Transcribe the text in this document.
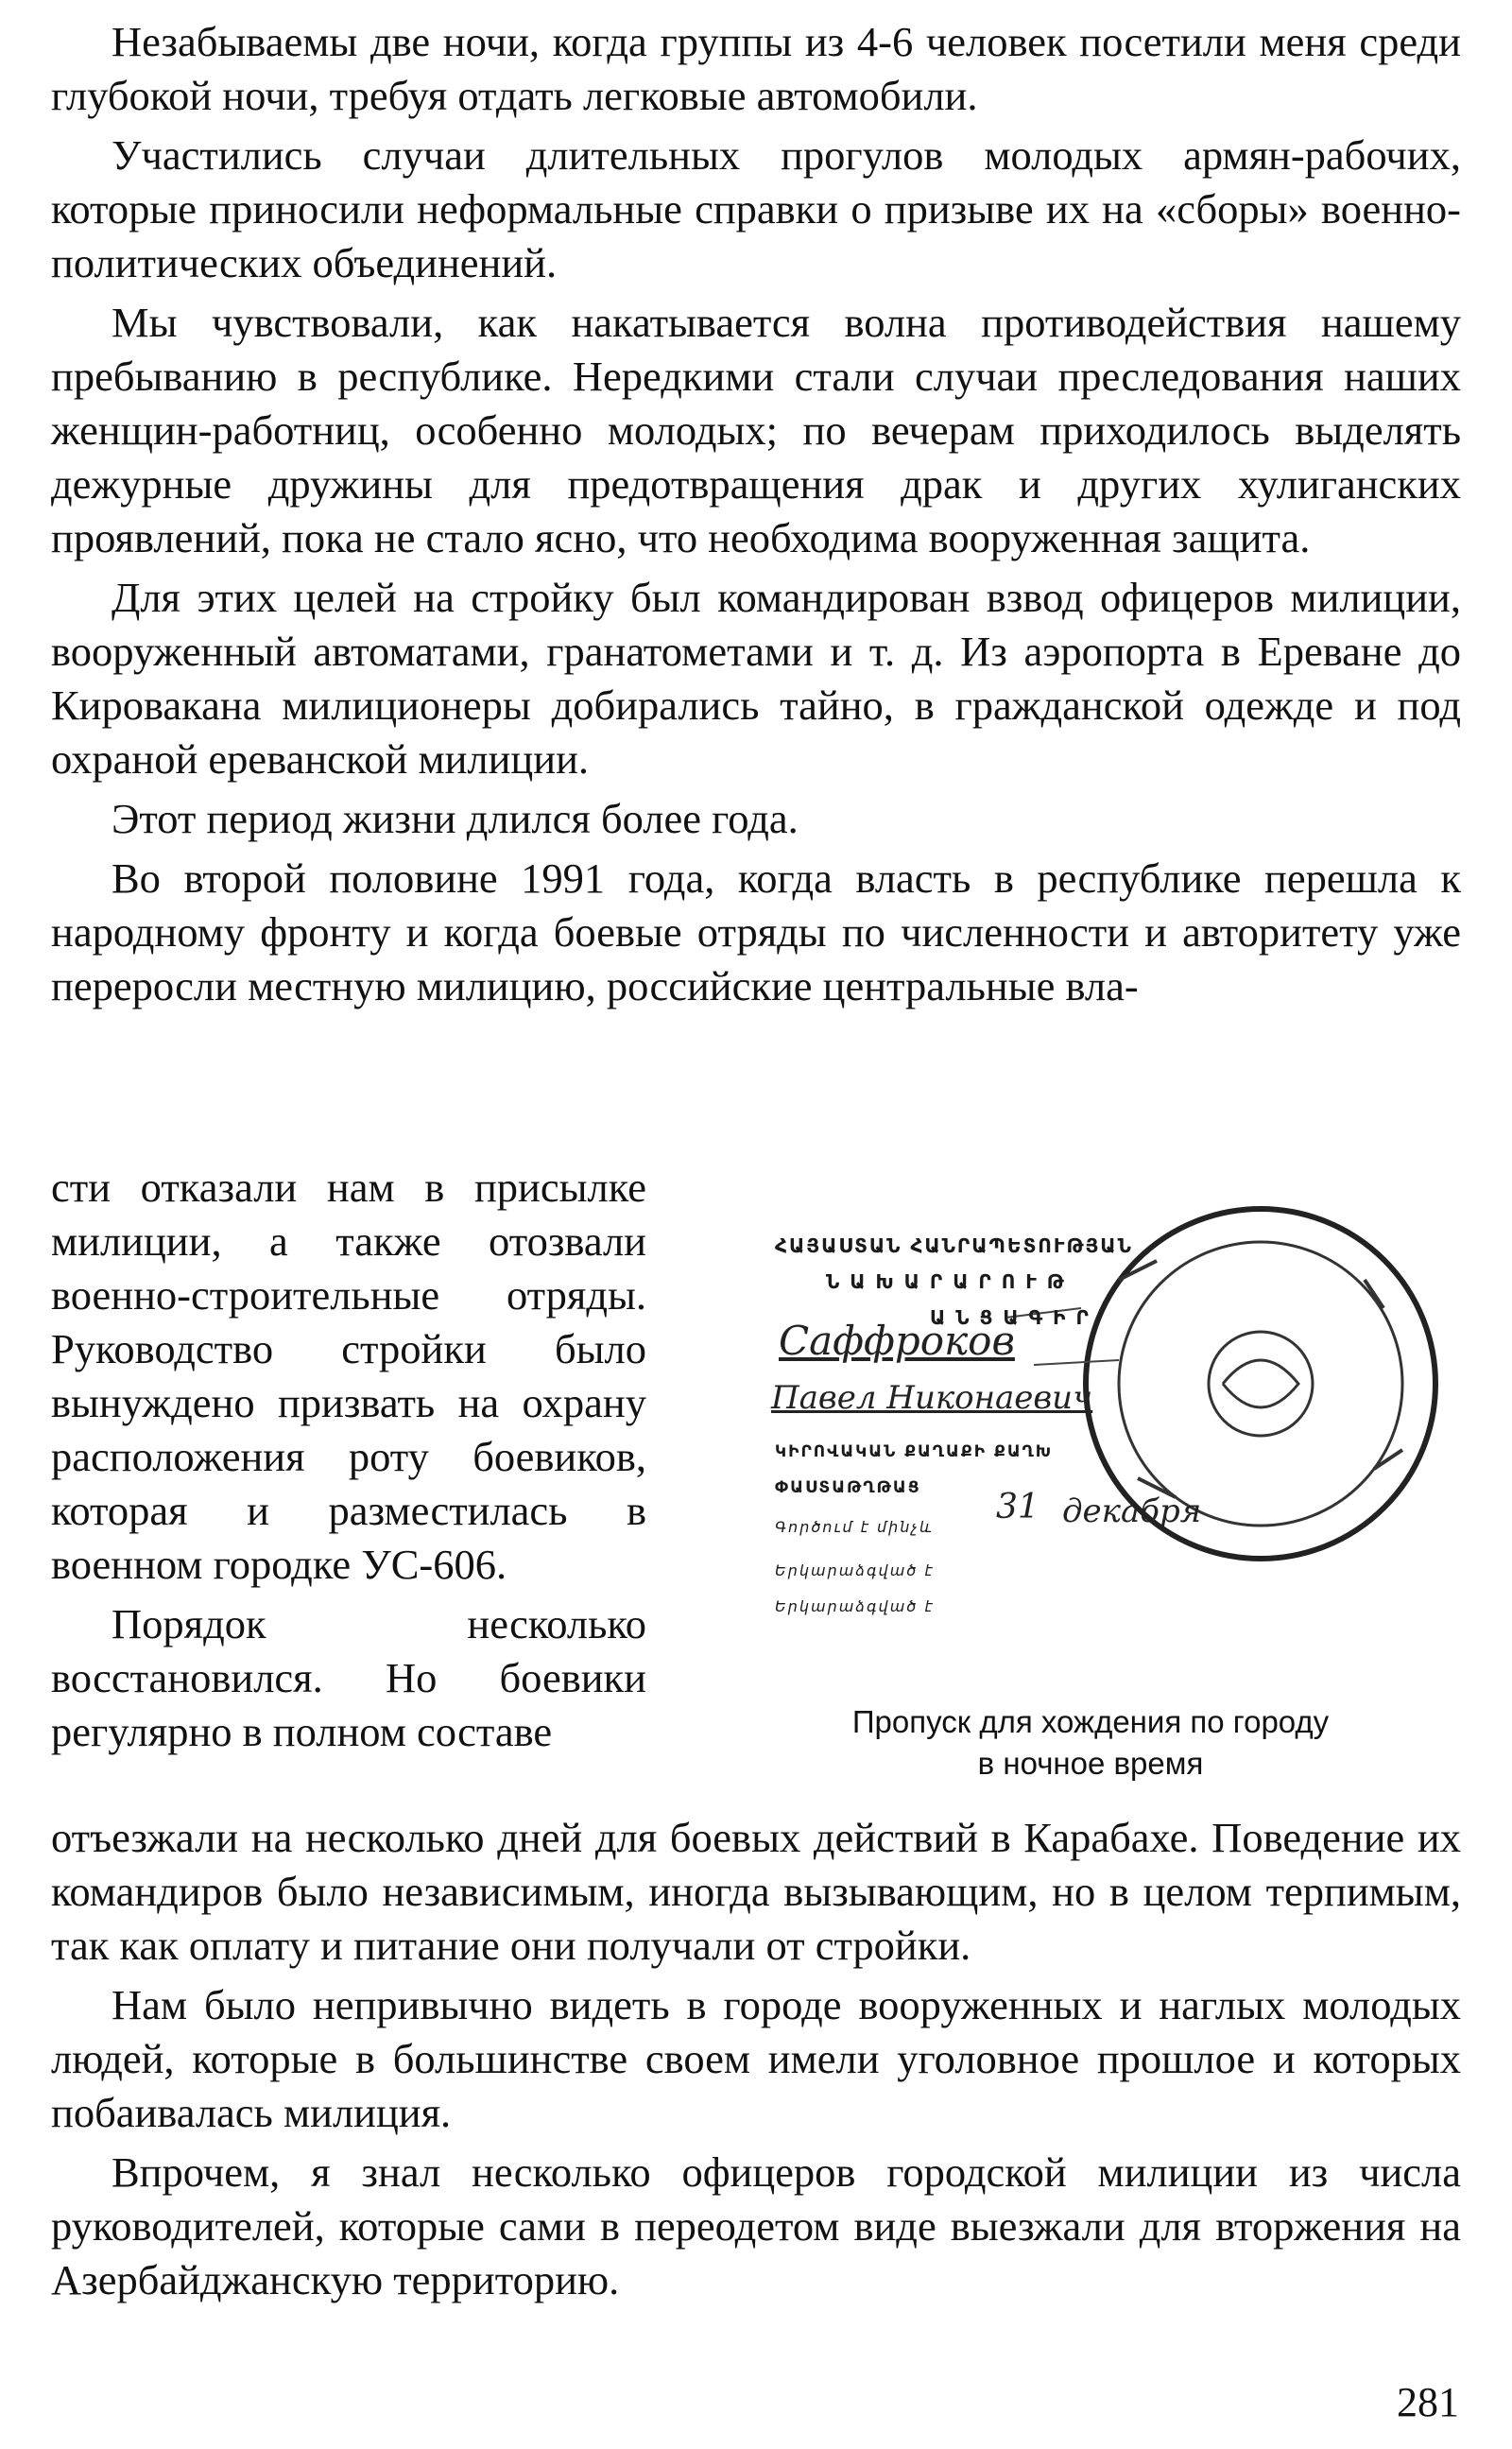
Незабываемы две ночи, когда группы из 4-6 человек посетили меня среди глубокой ночи, требуя отдать легковые автомобили.

Участились случаи длительных прогулов молодых армян-рабочих, которые приносили неформальные справки о призыве их на «сборы» военно-политических объединений.

Мы чувствовали, как накатывается волна противодействия нашему пребыванию в республике. Нередкими стали случаи преследования наших женщин-работниц, особенно молодых; по вечерам приходилось выделять дежурные дружины для предотвращения драк и других хулиганских проявлений, пока не стало ясно, что необходима вооруженная защита.

Для этих целей на стройку был командирован взвод офицеров милиции, вооруженный автоматами, гранатометами и т. д. Из аэропорта в Ереване до Кировакана милиционеры добирались тайно, в гражданской одежде и под охраной ереванской милиции.

Этот период жизни длился более года.

Во второй половине 1991 года, когда власть в республике перешла к народному фронту и когда боевые отряды по численности и авторитету уже переросли местную милицию, российские центральные вла-

сти отказали нам в присылке милиции, а также отозвали военно-строительные отряды. Руководство стройки было вынуждено призвать на охрану расположения роту боевиков, которая и разместилась в военном городке УС-606.

Порядок несколько восстановился. Но боевики регулярно в полном составе

ՀԱՅԱՍՏԱՆ ՀԱՆՐԱՊԵՏՈՒԹՅԱՆ
Ն Ա Խ Ա Ր Ա Ր Ո Ւ Թ
Ա Ն Ց Ա Գ Ի Ր
Саффроков
Павел Никонаевич
ԿԻՐՈՎԱԿԱՆ ՔԱՂԱՔԻ ՔԱՂԽ
ՓԱՍՏԱԹՂԹԱՑ
Գործում է մինչև
31 декабря
Երկարաձգված է
Երկարաձգված է
Пропуск для хождения по городу
в ночное время

отъезжали на несколько дней для боевых действий в Карабахе. Поведение их командиров было независимым, иногда вызывающим, но в целом терпимым, так как оплату и питание они получали от стройки.

Нам было непривычно видеть в городе вооруженных и наглых молодых людей, которые в большинстве своем имели уголовное прошлое и которых побаивалась милиция.

Впрочем, я знал несколько офицеров городской милиции из числа руководителей, которые сами в переодетом виде выезжали для вторжения на Азербайджанскую территорию.

281
